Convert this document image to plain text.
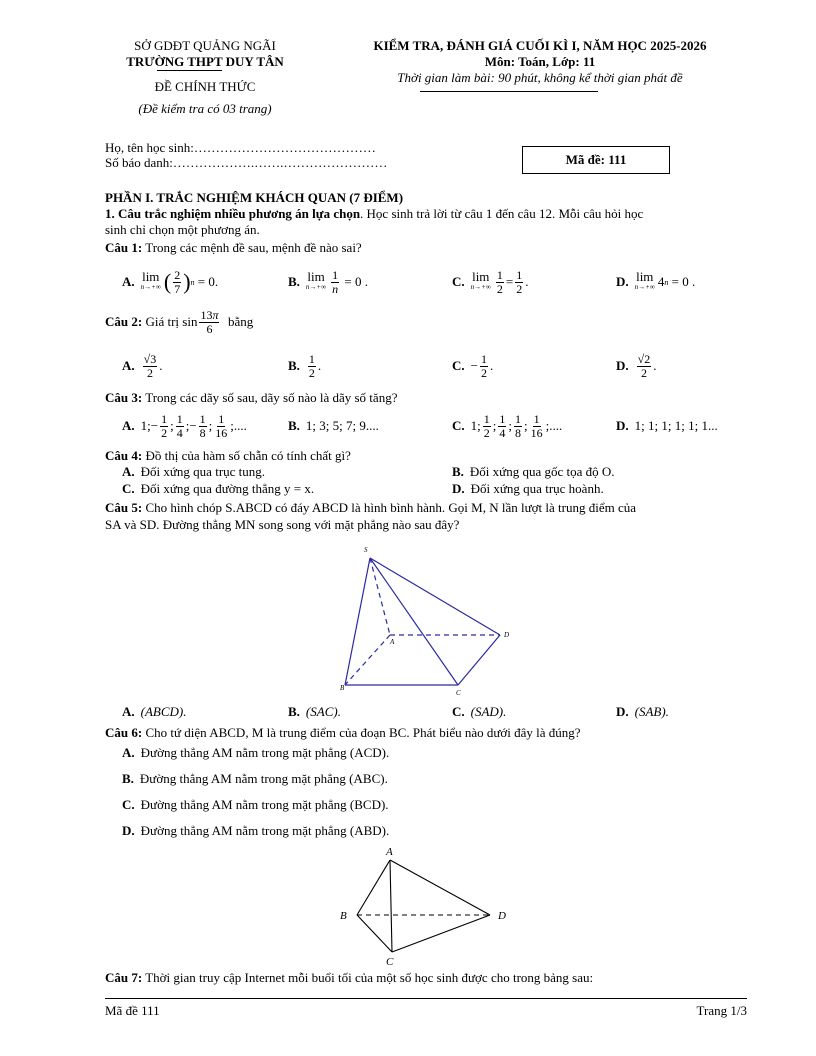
SỞ GDĐT QUẢNG NGÃI
TRƯỜNG THPT DUY TÂN
ĐỀ CHÍNH THỨC
(Đề kiểm tra có 03 trang)
KIỂM TRA, ĐÁNH GIÁ CUỐI KÌ I, NĂM HỌC 2025-2026
Môn: Toán, Lớp: 11
Thời gian làm bài: 90 phút, không kể thời gian phát đề
Họ, tên học sinh:……………………………………
Số báo danh:……………….…….……………………	Mã đề: 111
PHẦN I. TRẮC NGHIỆM KHÁCH QUAN (7 ĐIỂM)
1. Câu trắc nghiệm nhiều phương án lựa chọn. Học sinh trả lời từ câu 1 đến câu 12. Mỗi câu hỏi học
sinh chỉ chọn một phương án.
Câu 1: Trong các mệnh đề sau, mệnh đề nào sai?
A. lim
n→+∞ ( $\frac{2}{7}$ ) n = 0.	B. lim
$n\to+\infty \frac{1}{n} = 0$ .	C. lim
$n\to+\infty \frac{1}{2} = \frac{1}{2}$ .	D. lim
n→+∞ 4 n = 0 .
Câu 2:
Giá trị $\sin \frac{13\pi}{6}$
bằng
A. $\frac{√3}{2}$ .	B. $\frac{1}{2}$ .	C. − $\frac{1}{2}$ .	D. $\frac{√2}{2}$ .
Câu 3: Trong các dãy số sau, dãy số nào là dãy số tăng?
A. 1;− $\frac{1}{2}$ ; $\frac{1}{4}$ ;− $\frac{1}{8}$ ; $\frac{1}{16}$ ;....	B. 1; 3; 5; 7; 9....	C. 1; $\frac{1}{2}$ ; $\frac{1}{4}$ ; $\frac{1}{8}$ ; $\frac{1}{16}$ ;....	D. 1; 1; 1; 1; 1; 1...
Câu 4: Đồ thị của hàm số chẵn có tính chất gì?
A. Đối xứng qua trục tung.	B. Đối xứng qua gốc tọa độ O.
C. Đối xứng qua đường thẳng y = x.	D. Đối xứng qua trục hoành.
Câu 5: Cho hình chóp S.ABCD có đáy ABCD là hình bình hành. Gọi M, N lần lượt là trung điểm của
SA và SD. Đường thẳng MN song song với mặt phẳng nào sau đây?
S
A
B
C
D
A. (ABCD).	B. (SAC).	C. (SAD).	D. (SAB).
Câu 6: Cho tứ diện ABCD, M là trung điểm của đoạn BC. Phát biểu nào dưới đây là đúng?
A. Đường thẳng AM nằm trong mặt phẳng (ACD).
B. Đường thẳng AM nằm trong mặt phẳng (ABC).
C. Đường thẳng AM nằm trong mặt phẳng (BCD).
D. Đường thẳng AM nằm trong mặt phẳng (ABD).
A
B
C
D
Câu 7: Thời gian truy cập Internet mỗi buổi tối của một số học sinh được cho trong bảng sau:
Mã đề 111	Trang 1/3
